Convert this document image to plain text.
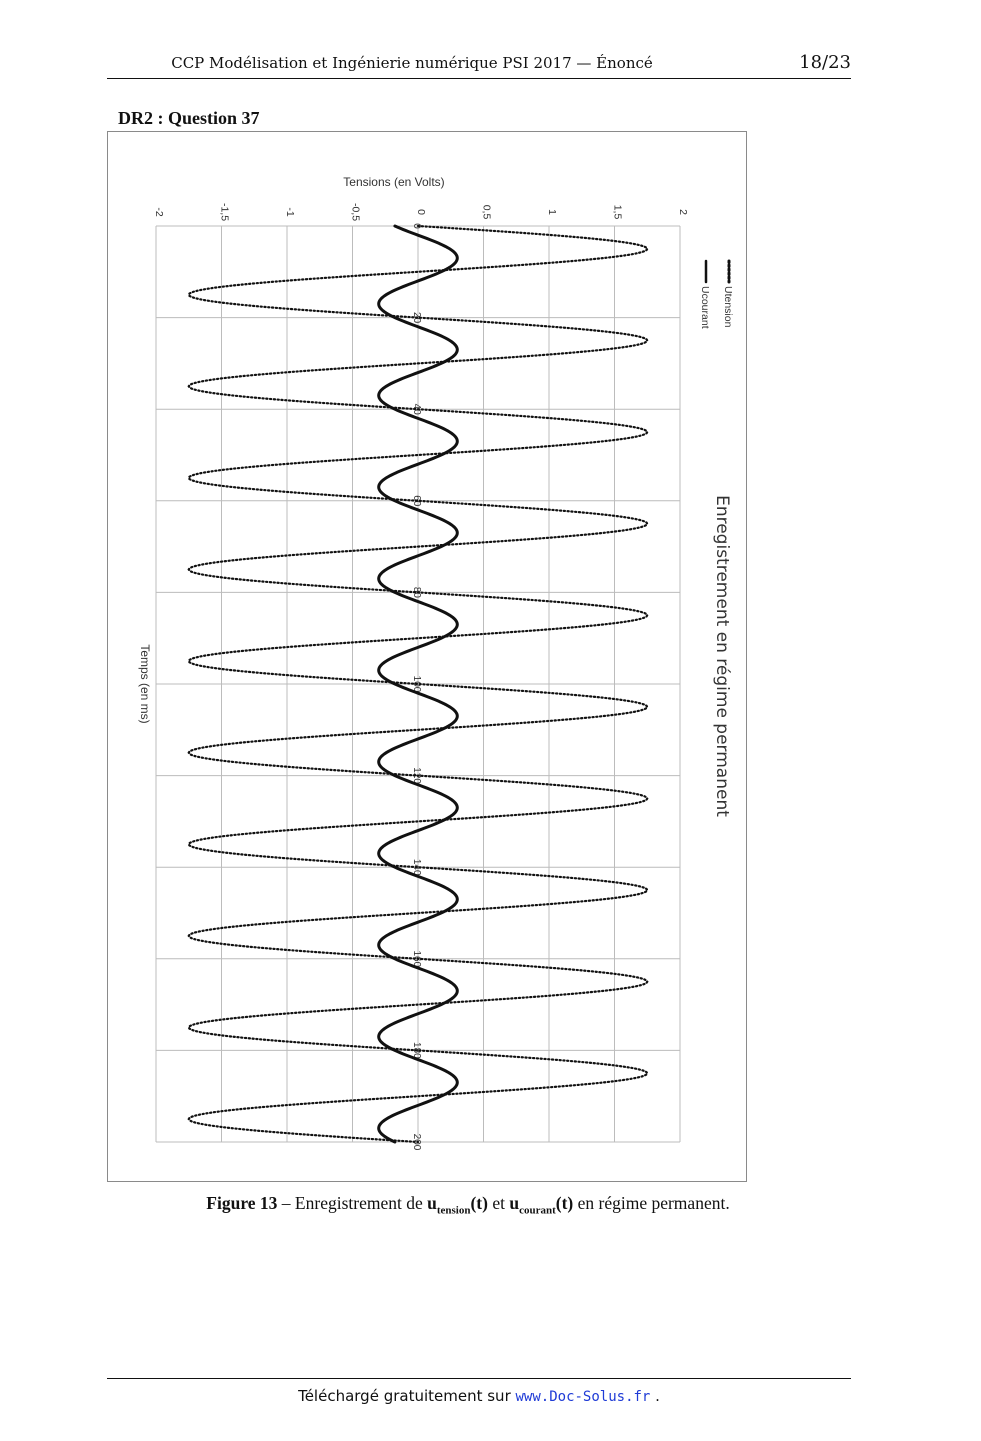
CCP Modélisation et Ingénierie numérique PSI 2017 — Énoncé	18/23
DR2 : Question 37
-2	-1,5	-1	-0,5	0	0,5	1	1,5	2
0
20
40
60
80
100
120
140
160
180
200
Tensions (en Volts)
Temps (en ms)	Enregistrement en régime permanent
Utension
Ucourant
Figure 13 – Enregistrement de $u_{tension}(t)$ et $u_{courant}(t)$ en régime permanent.
Téléchargé gratuitement sur www.Doc-Solus.fr .
